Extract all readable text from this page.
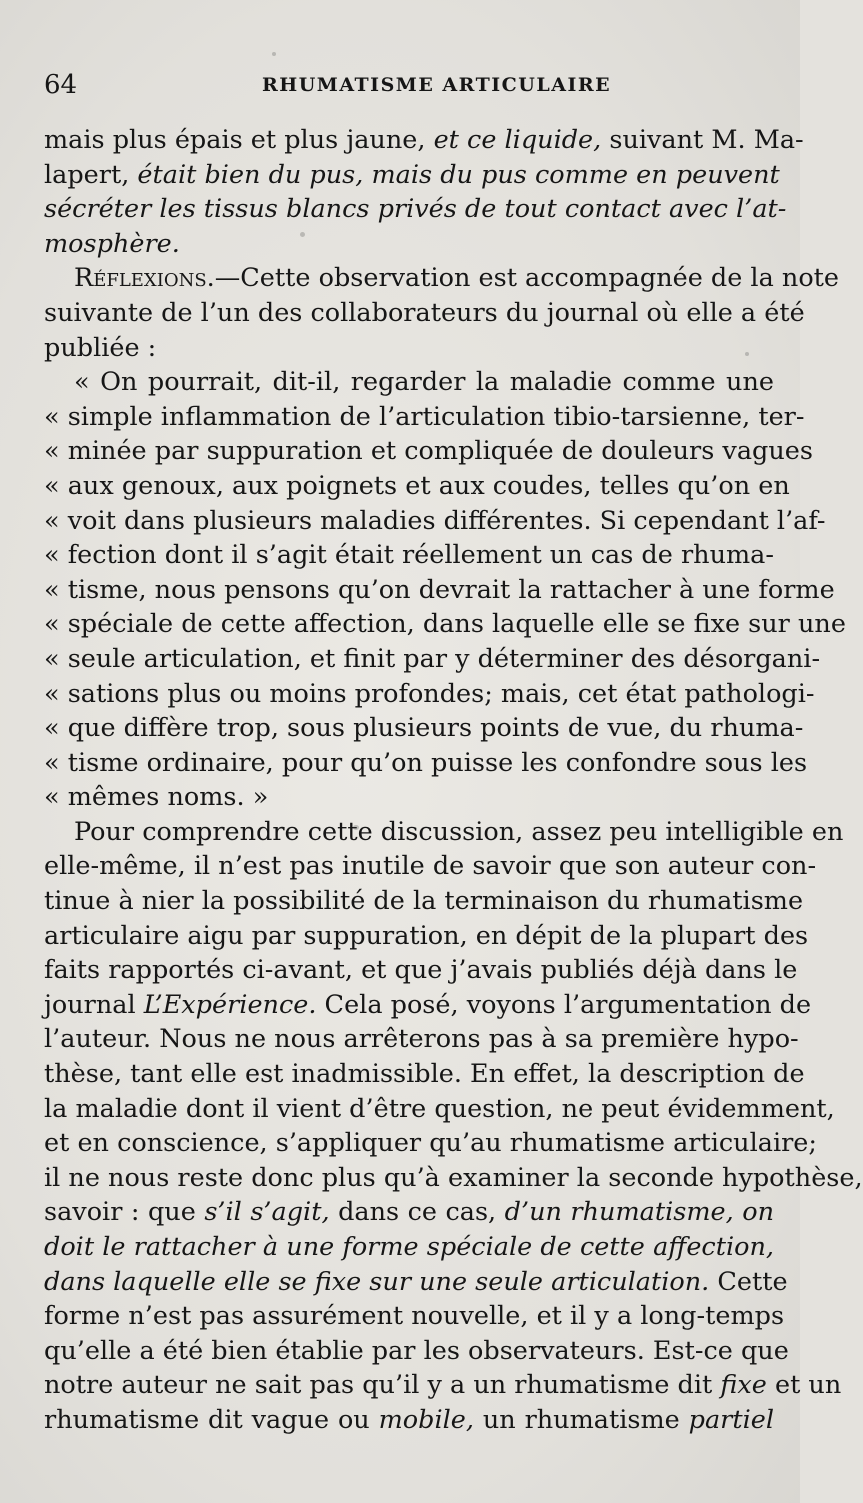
64	RHUMATISME ARTICULAIRE
mais plus épais et plus jaune, et ce liquide, suivant M. Ma-
lapert, était bien du pus, mais du pus comme en peuvent
sécréter les tissus blancs privés de tout contact avec l’at-
mosphère.
Réflexions.—Cette observation est accompagnée de la note
suivante de l’un des collaborateurs du journal où elle a été
publiée :
« On pourrait, dit-il, regarder la maladie comme une
« simple inflammation de l’articulation tibio-tarsienne, ter-
« minée par suppuration et compliquée de douleurs vagues
« aux genoux, aux poignets et aux coudes, telles qu’on en
« voit dans plusieurs maladies différentes. Si cependant l’af-
« fection dont il s’agit était réellement un cas de rhuma-
« tisme, nous pensons qu’on devrait la rattacher à une forme
« spéciale de cette affection, dans laquelle elle se fixe sur une
« seule articulation, et finit par y déterminer des désorgani-
« sations plus ou moins profondes; mais, cet état pathologi-
« que diffère trop, sous plusieurs points de vue, du rhuma-
« tisme ordinaire, pour qu’on puisse les confondre sous les
« mêmes noms. »
Pour comprendre cette discussion, assez peu intelligible en
elle-même, il n’est pas inutile de savoir que son auteur con-
tinue à nier la possibilité de la terminaison du rhumatisme
articulaire aigu par suppuration, en dépit de la plupart des
faits rapportés ci-avant, et que j’avais publiés déjà dans le
journal L’Expérience. Cela posé, voyons l’argumentation de
l’auteur. Nous ne nous arrêterons pas à sa première hypo-
thèse, tant elle est inadmissible. En effet, la description de
la maladie dont il vient d’être question, ne peut évidemment,
et en conscience, s’appliquer qu’au rhumatisme articulaire;
il ne nous reste donc plus qu’à examiner la seconde hypothèse,
savoir : que s’il s’agit, dans ce cas, d’un rhumatisme, on
doit le rattacher à une forme spéciale de cette affection,
dans laquelle elle se fixe sur une seule articulation. Cette
forme n’est pas assurément nouvelle, et il y a long-temps
qu’elle a été bien établie par les observateurs. Est-ce que
notre auteur ne sait pas qu’il y a un rhumatisme dit fixe et un
rhumatisme dit vague ou mobile, un rhumatisme partiel
